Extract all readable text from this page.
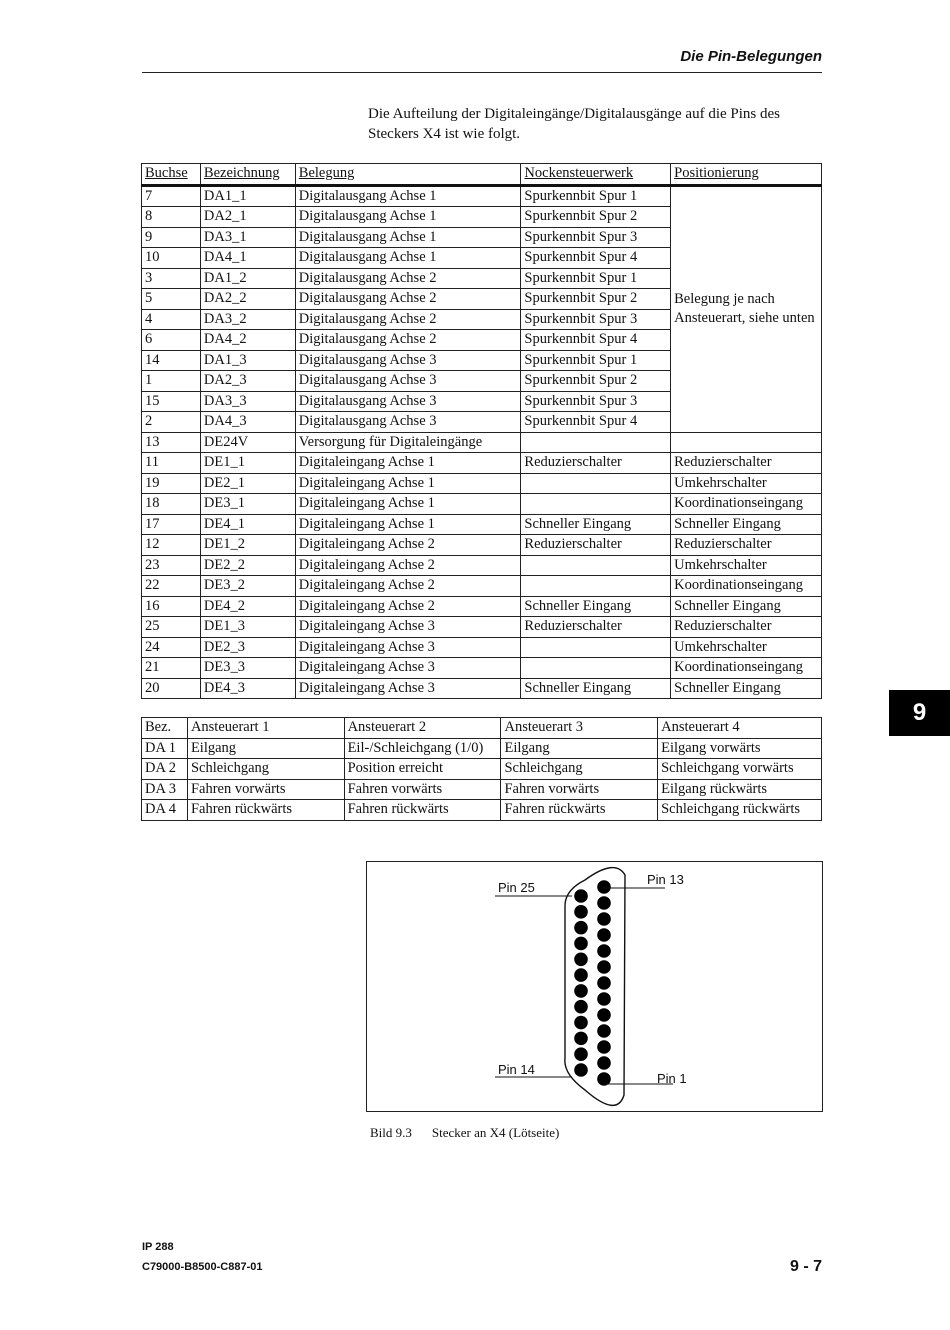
Die Pin-Belegungen
Die Aufteilung der Digitaleingänge/Digitalausgänge auf die Pins des Steckers X4 ist wie folgt.
Buchse	Bezeichnung	Belegung	Nockensteuerwerk	Positionierung
7	DA1_1	Digitalausgang Achse 1	Spurkennbit Spur 1	Belegung je nach Ansteuerart, siehe unten
8	DA2_1	Digitalausgang Achse 1	Spurkennbit Spur 2	
9	DA3_1	Digitalausgang Achse 1	Spurkennbit Spur 3	
10	DA4_1	Digitalausgang Achse 1	Spurkennbit Spur 4	
3	DA1_2	Digitalausgang Achse 2	Spurkennbit Spur 1	
5	DA2_2	Digitalausgang Achse 2	Spurkennbit Spur 2	
4	DA3_2	Digitalausgang Achse 2	Spurkennbit Spur 3	
6	DA4_2	Digitalausgang Achse 2	Spurkennbit Spur 4	
14	DA1_3	Digitalausgang Achse 3	Spurkennbit Spur 1	
1	DA2_3	Digitalausgang Achse 3	Spurkennbit Spur 2	
15	DA3_3	Digitalausgang Achse 3	Spurkennbit Spur 3	
2	DA4_3	Digitalausgang Achse 3	Spurkennbit Spur 4	
13	DE24V	Versorgung für Digitaleingänge		
11	DE1_1	Digitaleingang Achse 1	Reduzierschalter	Reduzierschalter
19	DE2_1	Digitaleingang Achse 1		Umkehrschalter
18	DE3_1	Digitaleingang Achse 1		Koordinationseingang
17	DE4_1	Digitaleingang Achse 1	Schneller Eingang	Schneller Eingang
12	DE1_2	Digitaleingang Achse 2	Reduzierschalter	Reduzierschalter
23	DE2_2	Digitaleingang Achse 2		Umkehrschalter
22	DE3_2	Digitaleingang Achse 2		Koordinationseingang
16	DE4_2	Digitaleingang Achse 2	Schneller Eingang	Schneller Eingang
25	DE1_3	Digitaleingang Achse 3	Reduzierschalter	Reduzierschalter
24	DE2_3	Digitaleingang Achse 3		Umkehrschalter
21	DE3_3	Digitaleingang Achse 3		Koordinationseingang
20	DE4_3	Digitaleingang Achse 3	Schneller Eingang	Schneller Eingang
Bez.	Ansteuerart 1	Ansteuerart 2	Ansteuerart 3	Ansteuerart 4
DA 1	Eilgang	Eil-/Schleichgang (1/0)	Eilgang	Eilgang vorwärts
DA 2	Schleichgang	Position erreicht	Schleichgang	Schleichgang vorwärts
DA 3	Fahren vorwärts	Fahren vorwärts	Fahren vorwärts	Eilgang rückwärts
DA 4	Fahren rückwärts	Fahren rückwärts	Fahren rückwärts	Schleichgang rückwärts
9
Pin 25
Pin 13
Pin 14
Pin 1
Bild 9.3 Stecker an X4 (Lötseite)
IP 288
C79000-B8500-C887-01	9 - 7
